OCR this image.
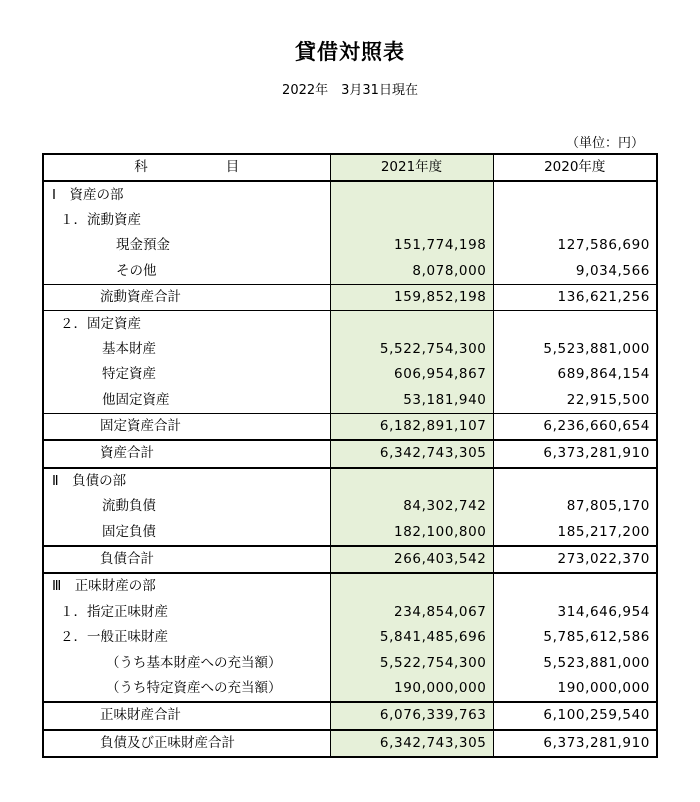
貸借対照表
2022年　3月31日現在
（単位：円）
科 目	2021年度	2020年度
Ⅰ　資産の部		
１．流動資産		
現金預金	151,774,198	127,586,690
その他	8,078,000	9,034,566
流動資産合計	159,852,198	136,621,256
２．固定資産		
基本財産	5,522,754,300	5,523,881,000
特定資産	606,954,867	689,864,154
他固定資産	53,181,940	22,915,500
固定資産合計	6,182,891,107	6,236,660,654
資産合計	6,342,743,305	6,373,281,910
Ⅱ　負債の部		
流動負債	84,302,742	87,805,170
固定負債	182,100,800	185,217,200
負債合計	266,403,542	273,022,370
Ⅲ　正味財産の部		
１．指定正味財産	234,854,067	314,646,954
２．一般正味財産	5,841,485,696	5,785,612,586
（うち基本財産への充当額）	5,522,754,300	5,523,881,000
（うち特定資産への充当額）	190,000,000	190,000,000
正味財産合計	6,076,339,763	6,100,259,540
負債及び正味財産合計	6,342,743,305	6,373,281,910
